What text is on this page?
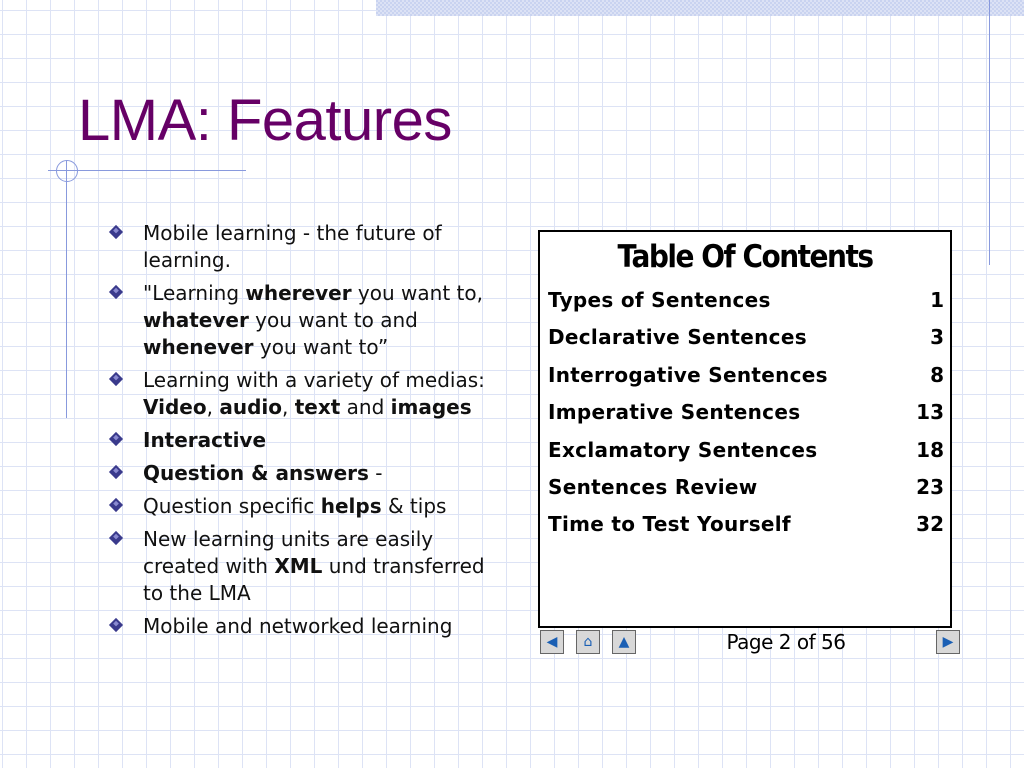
LMA: Features
Mobile learning - the future of learning.
"Learning wherever you want to, whatever you want to and whenever you want to”
Learning with a variety of medias: Video, audio, text and images
Interactive
Question & answers -
Question specific helps & tips
New learning units are easily created with XML und transferred to the LMA
Mobile and networked learning
Table Of Contents
Types of Sentences	1
Declarative Sentences	3
Interrogative Sentences	8
Imperative Sentences	13
Exclamatory Sentences	18
Sentences Review	23
Time to Test Yourself	32
◀	⌂	▲	Page 2 of 56	▶
